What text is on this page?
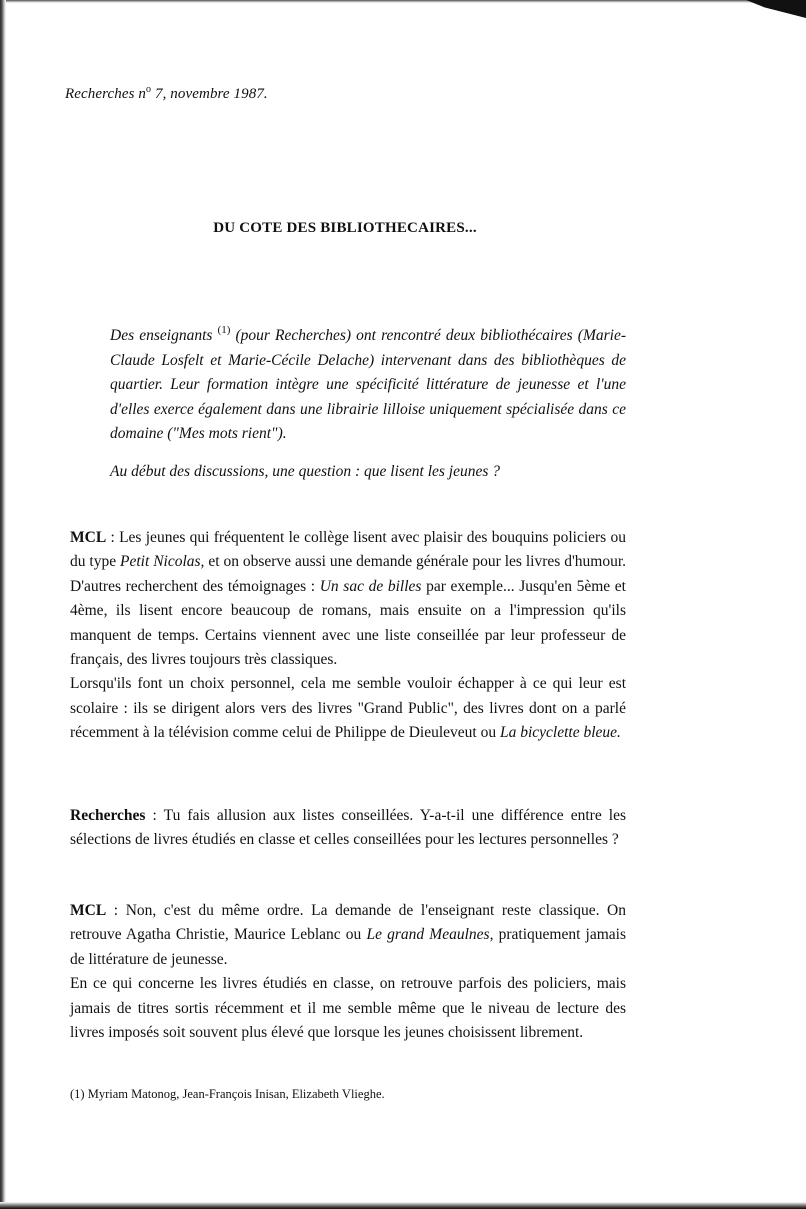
Recherches $n^o$ 7, novembre 1987.
DU COTE DES BIBLIOTHECAIRES...
Des enseignants $^{(1)}$ (pour Recherches) ont rencontré deux bibliothécaires (Marie-Claude Losfelt et Marie-Cécile Delache) intervenant dans des bibliothèques de quartier. Leur formation intègre une spécificité littérature de jeunesse et l'une d'elles exerce également dans une librairie lilloise uniquement spécialisée dans ce domaine ("Mes mots rient").
Au début des discussions, une question : que lisent les jeunes ?

MCL : Les jeunes qui fréquentent le collège lisent avec plaisir des bouquins policiers ou du type Petit Nicolas, et on observe aussi une demande générale pour les livres d'humour. D'autres recherchent des témoignages : Un sac de billes par exemple... Jusqu'en 5ème et 4ème, ils lisent encore beaucoup de romans, mais ensuite on a l'impression qu'ils manquent de temps. Certains viennent avec une liste conseillée par leur professeur de français, des livres toujours très classiques.

Lorsqu'ils font un choix personnel, cela me semble vouloir échapper à ce qui leur est scolaire : ils se dirigent alors vers des livres "Grand Public", des livres dont on a parlé récemment à la télévision comme celui de Philippe de Dieuleveut ou La bicyclette bleue.

Recherches : Tu fais allusion aux listes conseillées. Y-a-t-il une différence entre les sélections de livres étudiés en classe et celles conseillées pour les lectures personnelles ?

MCL : Non, c'est du même ordre. La demande de l'enseignant reste classique. On retrouve Agatha Christie, Maurice Leblanc ou Le grand Meaulnes, pratiquement jamais de littérature de jeunesse.

En ce qui concerne les livres étudiés en classe, on retrouve parfois des policiers, mais jamais de titres sortis récemment et il me semble même que le niveau de lecture des livres imposés soit souvent plus élevé que lorsque les jeunes choisissent librement.

(1) Myriam Matonog, Jean-François Inisan, Elizabeth Vlieghe.
